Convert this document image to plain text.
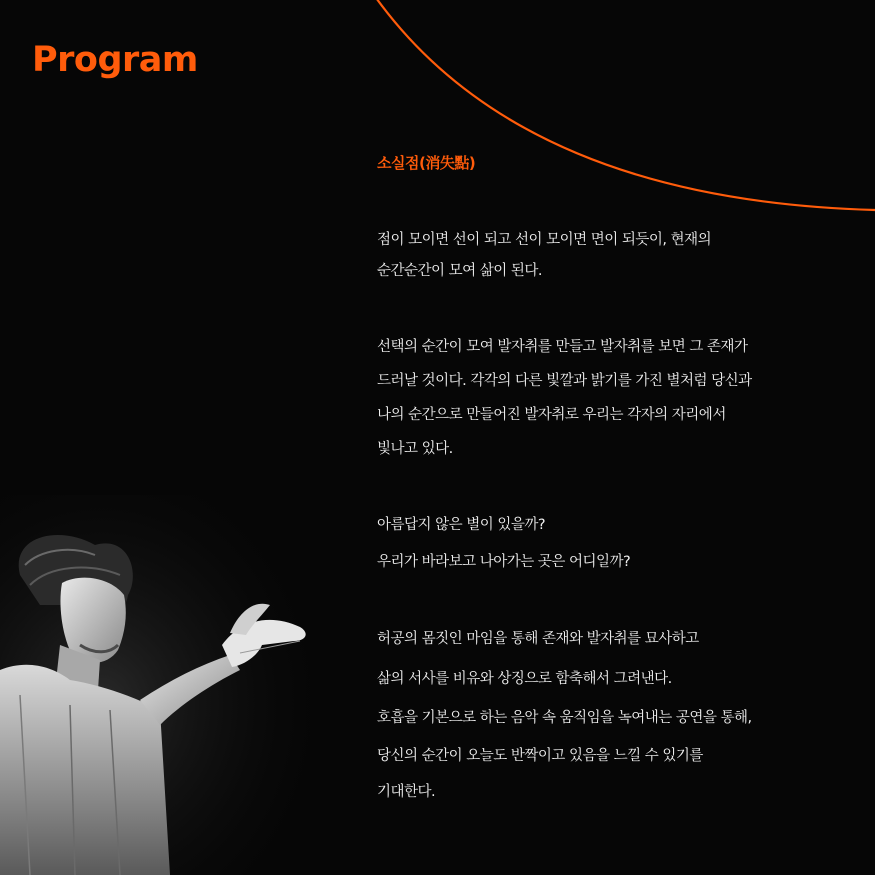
Program

소실점(消失點)

점이 모이면 선이 되고 선이 모이면 면이 되듯이, 현재의
순간순간이 모여 삶이 된다.
선택의 순간이 모여 발자취를 만들고 발자취를 보면 그 존재가
드러날 것이다. 각각의 다른 빛깔과 밝기를 가진 별처럼 당신과
나의 순간으로 만들어진 발자취로 우리는 각자의 자리에서
빛나고 있다.
아름답지 않은 별이 있을까?
우리가 바라보고 나아가는 곳은 어디일까?
허공의 몸짓인 마임을 통해 존재와 발자취를 묘사하고
삶의 서사를 비유와 상징으로 함축해서 그려낸다.
호흡을 기본으로 하는 음악 속 움직임을 녹여내는 공연을 통해,
당신의 순간이 오늘도 반짝이고 있음을 느낄 수 있기를
기대한다.
